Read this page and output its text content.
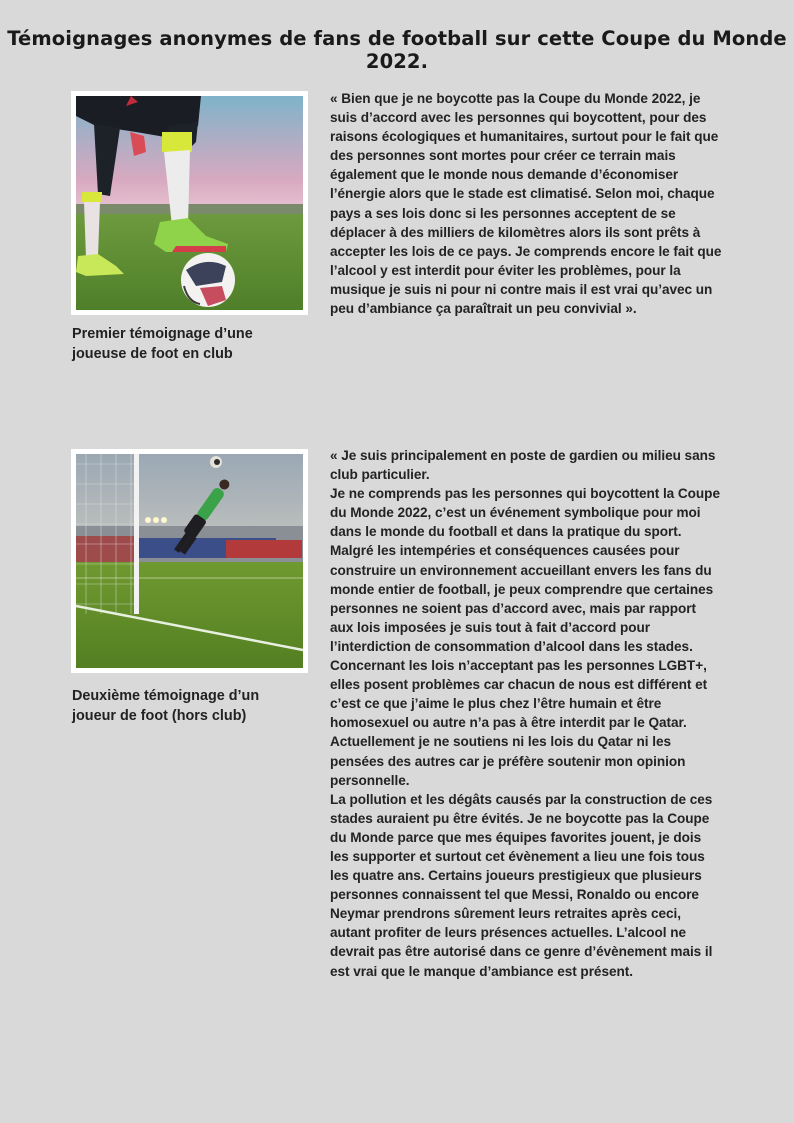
Témoignages anonymes de fans de football sur cette Coupe du Monde 2022.
Premier témoignage d’une joueuse de foot en club

« Bien que je ne boycotte pas la Coupe du Monde 2022, je suis d’accord avec les personnes qui boycottent, pour des raisons écologiques et humanitaires, surtout pour le fait que des personnes sont mortes pour créer ce terrain mais également que le monde nous demande d’économiser l’énergie alors que le stade est climatisé. Selon moi, chaque pays a ses lois donc si les personnes acceptent de se déplacer à des milliers de kilomètres alors ils sont prêts à accepter les lois de ce pays. Je comprends encore le fait que l’alcool y est interdit pour éviter les problèmes, pour la musique je suis ni pour ni contre mais il est vrai qu’avec un peu d’ambiance ça paraîtrait un peu convivial ».

Deuxième témoignage d’un joueur de foot (hors club)

« Je suis principalement en poste de gardien ou milieu sans club particulier.

Je ne comprends pas les personnes qui boycottent la Coupe du Monde 2022, c’est un événement symbolique pour moi dans le monde du football et dans la pratique du sport. Malgré les intempéries et conséquences causées pour construire un environnement accueillant envers les fans du monde entier de football, je peux comprendre que certaines personnes ne soient pas d’accord avec, mais par rapport aux lois imposées je suis tout à fait d’accord pour l’interdiction de consommation d’alcool dans les stades.

Concernant les lois n’acceptant pas les personnes LGBT+, elles posent problèmes car chacun de nous est différent et c’est ce que j’aime le plus chez l’être humain et être homosexuel ou autre n’a pas à être interdit par le Qatar.

Actuellement je ne soutiens ni les lois du Qatar ni les pensées des autres car je préfère soutenir mon opinion personnelle.

La pollution et les dégâts causés par la construction de ces stades auraient pu être évités. Je ne boycotte pas la Coupe du Monde parce que mes équipes favorites jouent, je dois les supporter et surtout cet évènement a lieu une fois tous les quatre ans. Certains joueurs prestigieux que plusieurs personnes connaissent tel que Messi, Ronaldo ou encore Neymar prendrons sûrement leurs retraites après ceci, autant profiter de leurs présences actuelles. L’alcool ne devrait pas être autorisé dans ce genre d’évènement mais il est vrai que le manque d’ambiance est présent.
